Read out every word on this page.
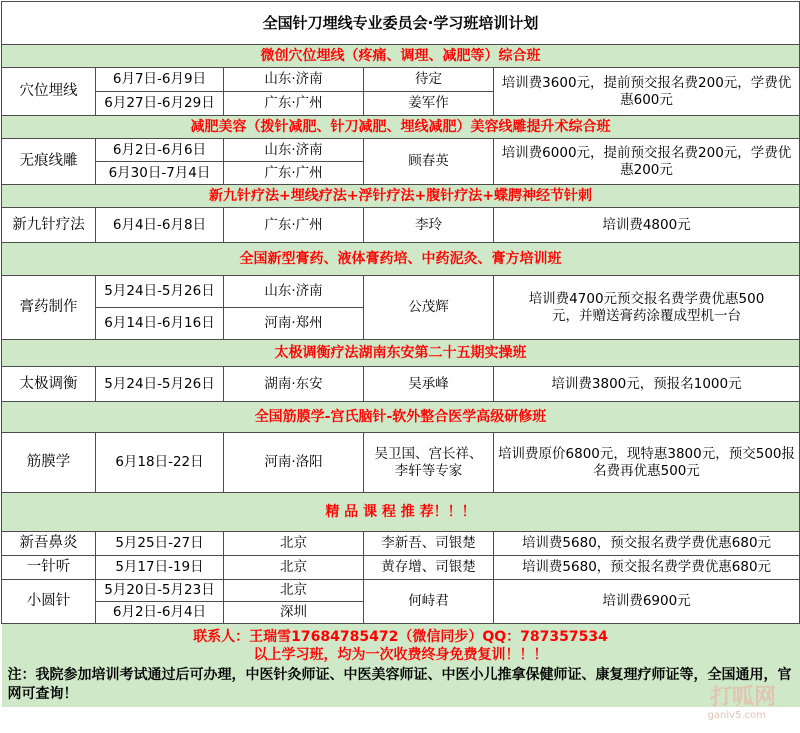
全国针刀埋线专业委员会·学习班培训计划				
微创穴位埋线（疼痛、调理、减肥等）综合班				
穴位埋线	6月7日-6月9日	山东·济南	待定	培训费3600元，提前预交报名费200元，学费优惠600元
	6月27日-6月29日	广东·广州	姜军作	
减肥美容（拨针减肥、针刀减肥、埋线减肥）美容线雕提升术综合班				
无痕线雕	6月2日-6月6日	山东·济南	顾春英	培训费6000元，提前预交报名费200元，学费优惠200元
	6月30日-7月4日	广东·广州		
新九针疗法+埋线疗法+浮针疗法+腹针疗法+蝶腭神经节针刺				
新九针疗法	6月4日-6月8日	广东·广州	李玲	培训费4800元
全国新型膏药、液体膏药培、中药泥灸、膏方培训班				
膏药制作	5月24日-5月26日	山东·济南	公茂辉	培训费4700元预交报名费学费优惠500元，并赠送膏药涂覆成型机一台
	6月14日-6月16日	河南·郑州		
太极调衡疗法湖南东安第二十五期实操班				
太极调衡	5月24日-5月26日	湖南·东安	吴承峰	培训费3800元，预报名1000元
全国筋膜学-宫氏脑针-软外整合医学高级研修班				
筋膜学	6月18日-22日	河南·洛阳	吴卫国、宫长祥、李轩等专家	培训费原价6800元，现特惠3800元，预交500报名费再优惠500元
精 品 课 程 推 荐！！！				
新吾鼻炎	5月25日-27日	北京	李新吾、司银楚	培训费5680，预交报名费学费优惠680元
一针听	5月17日-19日	北京	黄存增、司银楚	培训费5680，预交报名费学费优惠680元
小圆针	5月20日-5月23日	北京	何峙君	培训费6900元
	6月2日-6月4日	深圳		

联系人：王瑞雪17684785472（微信同步）QQ：787357534
以上学习班，均为一次收费终身免费复训！！！				

注：我院参加培训考试通过后可办理，中医针灸师证、中医美容师证、中医小儿推拿保健师证、康复理疗师证等，全国通用，官网可查询！					打呱网
ganlv5.com
